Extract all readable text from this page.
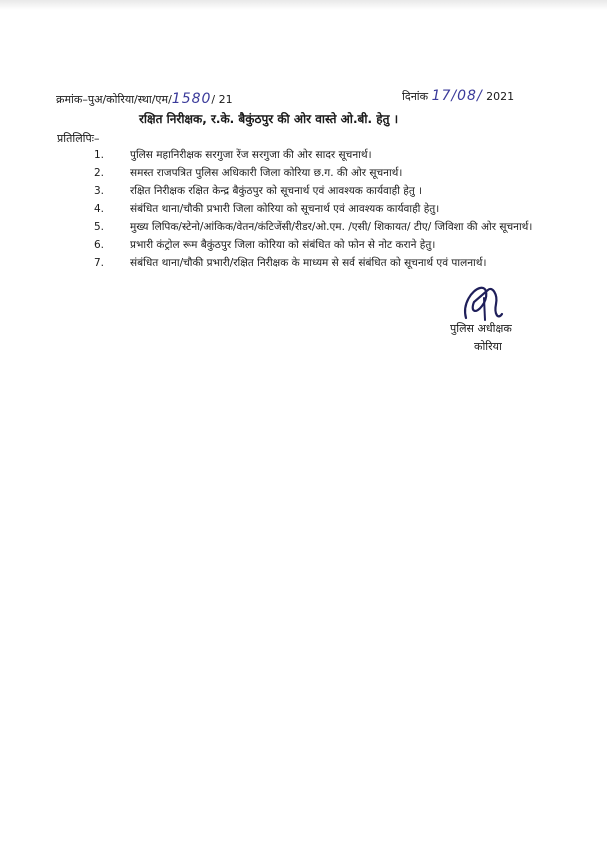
क्रमांक–पुअ/कोरिया/स्था/एम/1580/ 21	दिनांक 17/08/ 2021
रक्षित निरीक्षक, र.के. बैकुंठपुर की ओर वास्ते ओ.बी. हेतु ।
प्रतिलिपिः–
1.	पुलिस महानिरीक्षक सरगुजा रेंज सरगुजा की ओर सादर सूचनार्थ।
2.	समस्त राजपत्रित पुलिस अधिकारी जिला कोरिया छ.ग. की ओर सूचनार्थ।
3.	रक्षित निरीक्षक रक्षित केन्द्र बैकुंठपुर को सूचनार्थ एवं आवश्यक कार्यवाही हेतु ।
4.	संबंधित थाना/चौकी प्रभारी जिला कोरिया को सूचनार्थ एवं आवश्यक कार्यवाही हेतु।
5.	मुख्य लिपिक/स्टेनो/आंकिक/वेतन/कंटिजेंसी/रीडर/ओ.एम. /एसी/ शिकायत/ टीए/ जिविशा की ओर सूचनार्थ।
6.	प्रभारी कंट्रोल रूम बैकुंठपुर जिला कोरिया को संबंधित को फोन से नोट कराने हेतु।
7.	संबंधित थाना/चौकी प्रभारी/रक्षित निरीक्षक के माध्यम से सर्व संबंधित को सूचनार्थ एवं पालनार्थ।
पुलिस अधीक्षक
कोरिया
